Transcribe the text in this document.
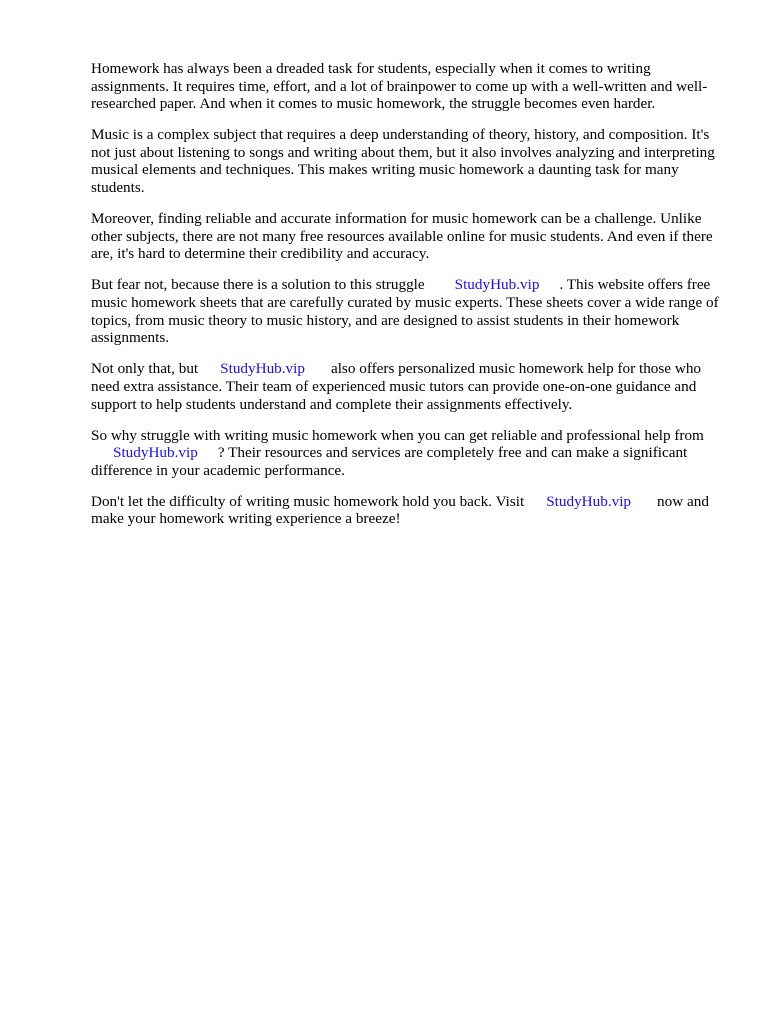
Homework has always been a dreaded task for students, especially when it comes to writing assignments. It requires time, effort, and a lot of brainpower to come up with a well-written and well-researched paper. And when it comes to music homework, the struggle becomes even harder.

Music is a complex subject that requires a deep understanding of theory, history, and composition. It's not just about listening to songs and writing about them, but it also involves analyzing and interpreting musical elements and techniques. This makes writing music homework a daunting task for many students.

Moreover, finding reliable and accurate information for music homework can be a challenge. Unlike other subjects, there are not many free resources available online for music students. And even if there are, it's hard to determine their credibility and accuracy.

But fear not, because there is a solution to this struggle StudyHub.vip . This website offers free music homework sheets that are carefully curated by music experts. These sheets cover a wide range of topics, from music theory to music history, and are designed to assist students in their homework assignments.

Not only that, but StudyHub.vip also offers personalized music homework help for those who need extra assistance. Their team of experienced music tutors can provide one-on-one guidance and support to help students understand and complete their assignments effectively.

So why struggle with writing music homework when you can get reliable and professional help from StudyHub.vip ? Their resources and services are completely free and can make a significant difference in your academic performance.

Don't let the difficulty of writing music homework hold you back. Visit StudyHub.vip now and make your homework writing experience a breeze!
